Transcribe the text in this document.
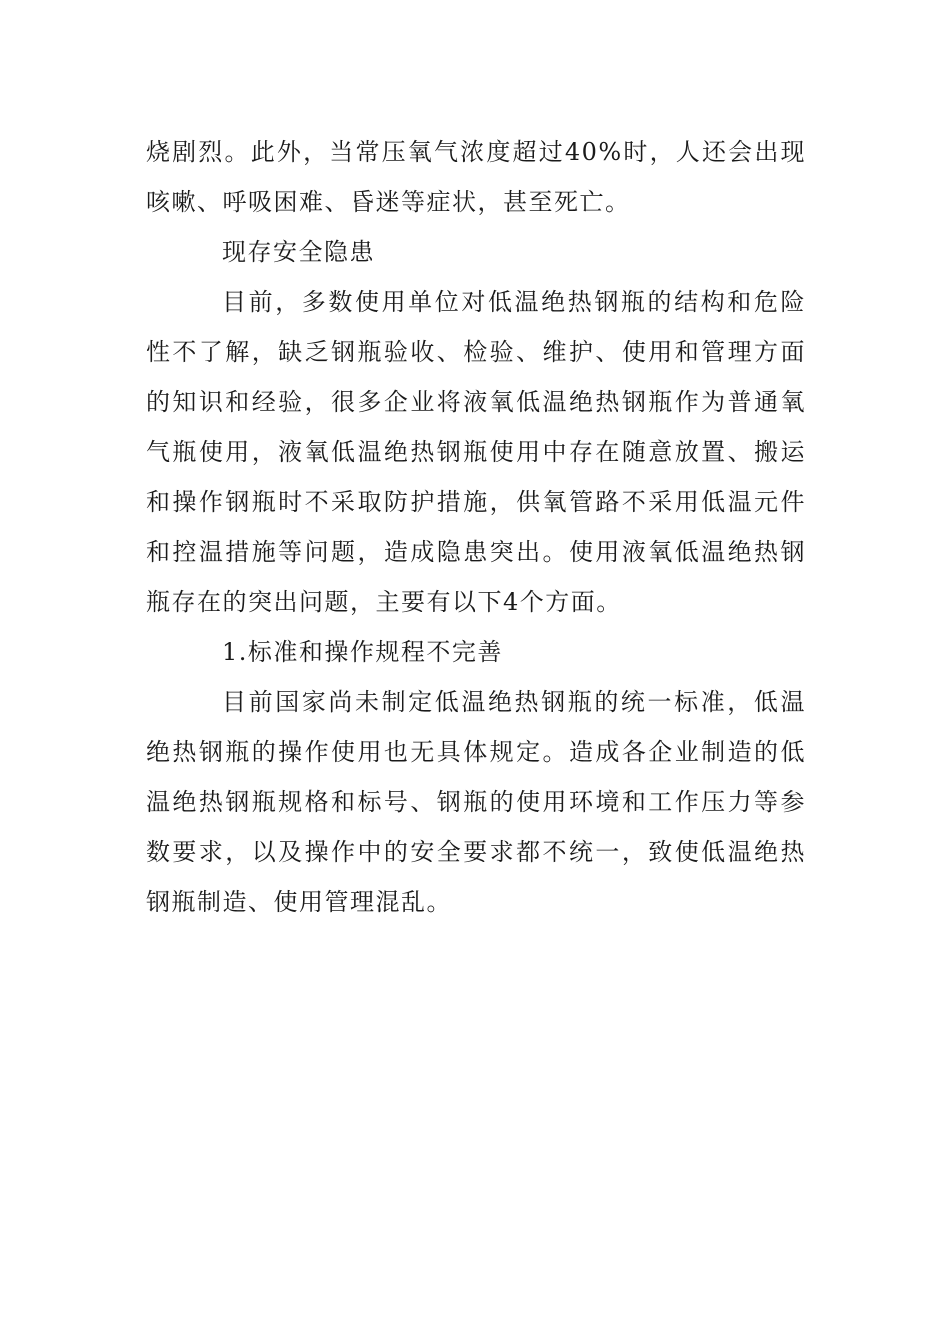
烧剧烈。此外，当常压氧气浓度超过40%时，人还会出现咳嗽、呼吸困难、昏迷等症状，甚至死亡。

现存安全隐患

目前，多数使用单位对低温绝热钢瓶的结构和危险性不了解，缺乏钢瓶验收、检验、维护、使用和管理方面的知识和经验，很多企业将液氧低温绝热钢瓶作为普通氧气瓶使用，液氧低温绝热钢瓶使用中存在随意放置、搬运和操作钢瓶时不采取防护措施，供氧管路不采用低温元件和控温措施等问题，造成隐患突出。使用液氧低温绝热钢瓶存在的突出问题，主要有以下4个方面。

1.标准和操作规程不完善

目前国家尚未制定低温绝热钢瓶的统一标准，低温绝热钢瓶的操作使用也无具体规定。造成各企业制造的低温绝热钢瓶规格和标号、钢瓶的使用环境和工作压力等参数要求，以及操作中的安全要求都不统一，致使低温绝热钢瓶制造、使用管理混乱。
